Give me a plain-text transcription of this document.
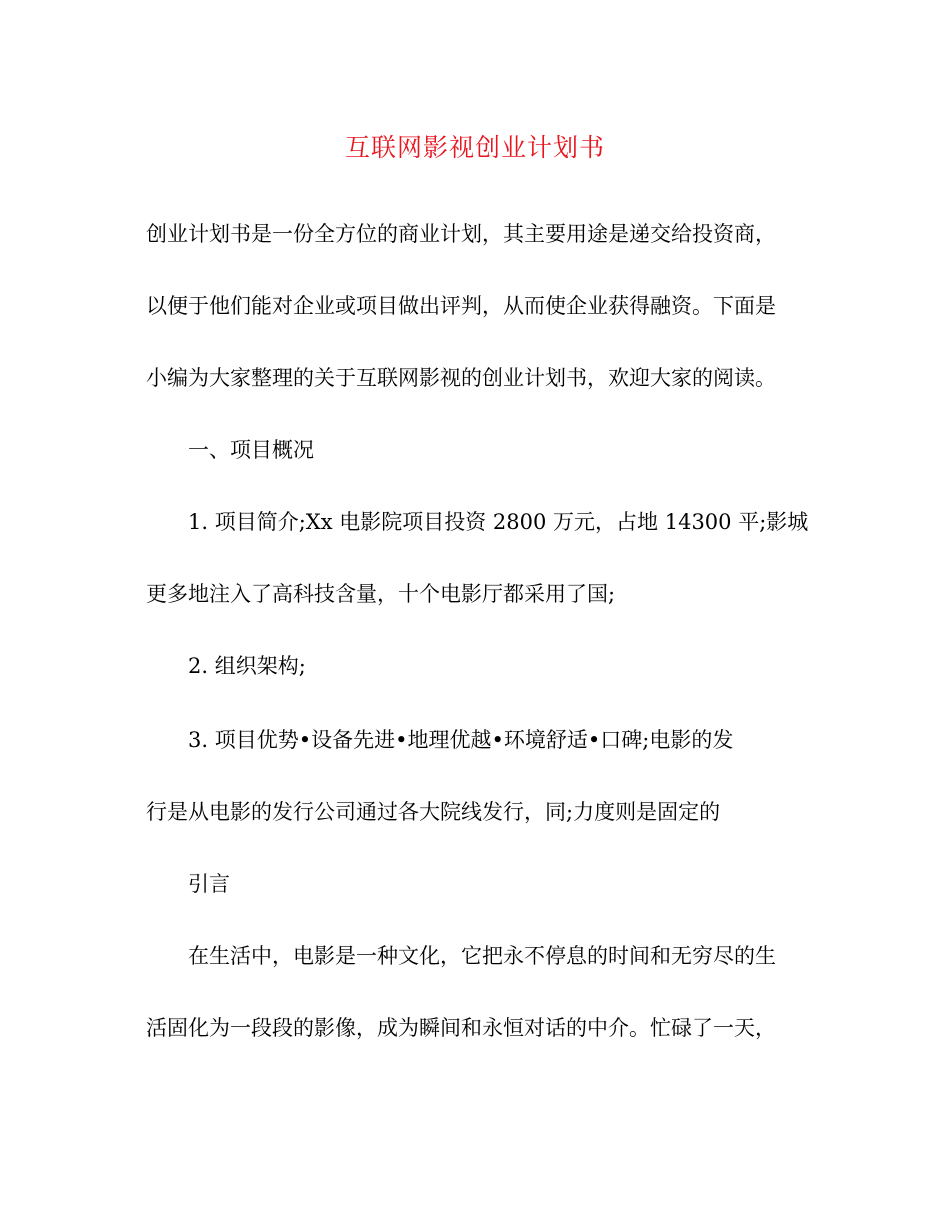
互联网影视创业计划书
创业计划书是一份全方位的商业计划，其主要用途是递交给投资商，
以便于他们能对企业或项目做出评判，从而使企业获得融资。下面是
小编为大家整理的关于互联网影视的创业计划书，欢迎大家的阅读。
一、项目概况
1. 项目简介;Xx 电影院项目投资 2800 万元，占地 14300 平;影城
更多地注入了高科技含量，十个电影厅都采用了国;
2. 组织架构;
3. 项目优势•设备先进•地理优越•环境舒适•口碑;电影的发
行是从电影的发行公司通过各大院线发行，同;力度则是固定的
引言
在生活中，电影是一种文化，它把永不停息的时间和无穷尽的生
活固化为一段段的影像，成为瞬间和永恒对话的中介。忙碌了一天，
